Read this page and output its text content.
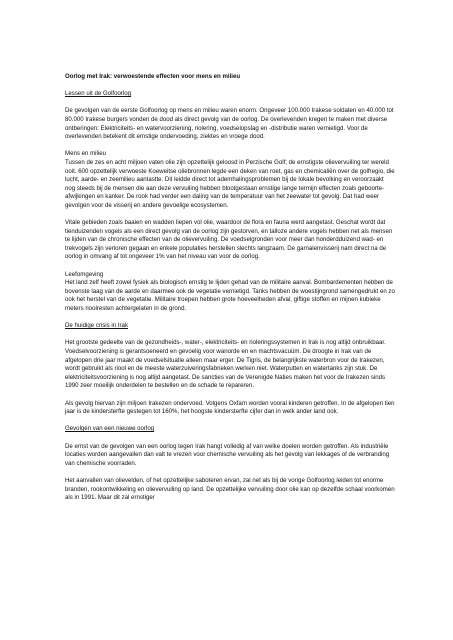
Oorlog met Irak: verwoestende effecten voor mens en milieu

Lessen uit de Golfoorlog

De gevolgen van de eerste Golfoorlog op mens en milieu waren enorm. Ongeveer 100.000 Irakese soldaten en 40.000 tot 80.000 Irakese burgers vonden de dood als direct gevolg van de oorlog. De overlevenden kregen te maken met diverse ontberingen: Elektriciteits- en watervoorziening, riolering, voedselopslag en -distributie waren vernietigd. Voor de overlevenden betekent dit ernstige ondervoeding, ziektes en vroege dood.

Mens en milieu

Tussen de zes en acht miljoen vaten olie zijn opzettelijk geloosd in Perzische Golf; de ernstigste olievervuiling ter wereld ooit. 600 opzettelijk verwoeste Koeweitse oliebronnen legde een deken van roet, gas en chemicaliën over de golfregio, die lucht, aarde- en zeemilieu aantastte. Dit leidde direct tot ademhalingsproblemen bij de lokale bevolking en veroorzaakt nog steeds bij de mensen die aan deze vervuiling hebben blootgestaan ernstige lange termijn effecten zoals geboorte-afwijkingen en kanker. De rook had verder een daling van de temperatuur van het zeewater tot gevolg. Dat had weer gevolgen voor de visserij en andere gevoelige ecosystemen.

Vitale gebieden zoals baaien en wadden liepen vol olie, waardoor de flora en fauna werd aangetast. Geschat wordt dat tienduizenden vogels als een direct gevolg van de oorlog zijn gestorven, en talloze andere vogels hebben net als mensen te lijden van de chronische effecten van de olievervuiling. De voedselgronden voor meer dan honderdduizend wad- en trekvogels zijn verloren gegaan en enkele populaties herstellen slechts langzaam. De garnalenvisserij nam direct na de oorlog in omvang af tot ongeveer 1% van het niveau van voor de oorlog.

Leefomgeving

Het land zelf heeft zowel fysiek als biologisch ernstig te lijden gehad van de militaire aanval. Bombardementen hebben de bovenste laag van de aarde en daarmee ook de vegetatie vernietigd. Tanks hebben de woestijngrond samengedrukt en zo ook het herstel van de vegetatie. Militaire troepen hebben grote hoeveelheden afval, giftige stoffen en mijnen kubieke meters rioolresten achtergelaten in de grond.

De huidige crisis in Irak

Het grootste gedeelte van de gezondheids-, water-, elektriciteits- en rioleringssystemen in Irak is nog altijd onbruikbaar. Voedselvoorziening is gerantsoeneerd en gevoelig voor wanorde en en machtsvacuüm. De droogte in Irak van de afgelopen drie jaar maakt de voedselsituatie alleen maar erger. De Tigris, de belangrijkste waterbron voor de Irakezen, wordt gebruikt als riool en de meeste waterzuiveringsfabrieken werken niet. Waterputten en watertanks zijn stuk. De elektriciteitsvoorziening is nog altijd aangetast. De sancties van de Verenigde Naties maken het voor de Irakezen sinds 1990 zeer moeilijk onderdelen te bestellen en de schade te repareren.

Als gevolg hiervan zijn miljoen Irakezen ondervoed. Volgens Oxfam worden vooral kinderen getroffen. In de afgelopen tien jaar is de kindersterfte gestegen tot 160%, het hoogste kindersterfte cijfer dan in welk ander land ook.

Gevolgen van een nieuwe oorlog

De ernst van de gevolgen van een oorlog tegen Irak hangt volledig af van welke doelen worden getroffen. Als industriële locaties worden aangevallen dan valt te vrezen voor chemische vervuiling als het gevolg van lekkages of de verbranding van chemische voorraden.

Het aanvallen van olievelden, of het opzettelijke saboteren ervan, zal net als bij de vorige Golfoorlog leiden tot enorme branden, rookontwikkeling en olievervuiling op land. De opzettelijke vervuiling door olie kan op dezelfde schaal voorkomen als in 1991. Maar dit zal ernstiger
